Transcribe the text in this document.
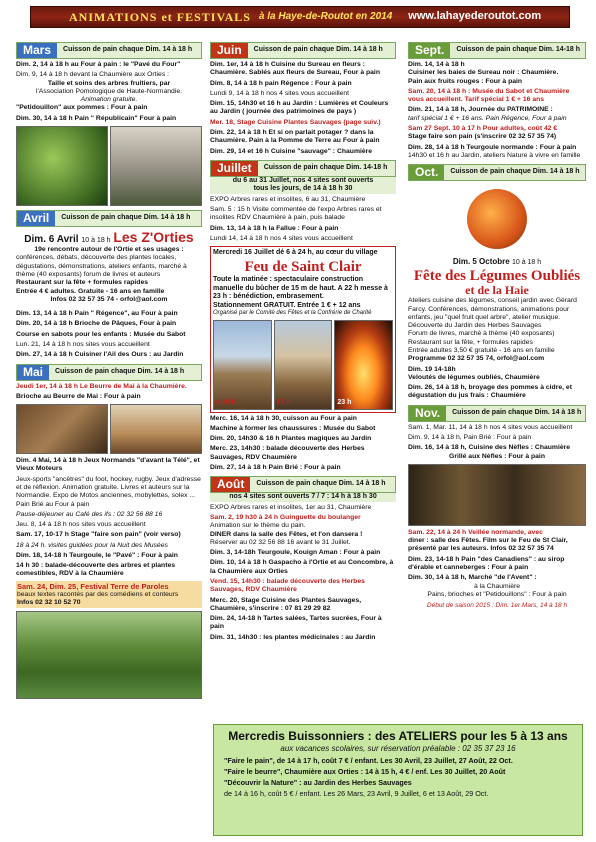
ANIMATIONS et FESTIVALS à la Haye-de-Routot en 2014 www.lahayederoutot.com
Mars	Cuisson de pain chaque Dim. 14 à 18 h
Dim. 2, 14 à 18 h au Four à pain : le "Pavé du Four"
Dim. 9, 14 à 18 h devant la Chaumière aux Orties :
Taille et soins des arbres fruitiers, par
l'Association Pomologique de Haute-Normandie.
Animation gratuite.
"Petidouillon" aux pommes : Four à pain
Dim. 30, 14 à 18 h Pain " Républicain" Four à pain
Avril	Cuisson de pain chaque Dim. 14 à 18 h
Dim. 6 Avril 10 à 18 h Les Z'Orties
19e rencontre autour de l'Ortie et ses usages :
conférences, débats, découverte des plantes locales, dégustations, démonstrations, ateliers enfants, marché à thème (40 exposants) forum de livres et auteurs
Restaurant sur la fête + formules rapides
Entrée 4 € adultes. Gratuite - 16 ans en famille
Infos 02 32 57 35 74 - orfol@aol.com
Dim. 13, 14 à 18 h Pain " Régence", au Four à pain
Dim. 20, 14 à 18 h Brioche de Pâques, Four à pain
Course en sabots pour les enfants : Musée du Sabot
Lun. 21, 14 à 18 h nos sites vous accueillent
Dim. 27, 14 à 18 h Cuisiner l'Ail des Ours : au Jardin
Mai	Cuisson de pain chaque Dim. 14 à 18 h
Jeudi 1er, 14 à 18 h Le Beurre de Mai à la Chaumière.
Brioche au Beurre de Mai : Four à pain
Dim. 4 Mai, 14 à 18 h Jeux Normands "d'avant la Télé", et Vieux Moteurs
Jeux-sports "ancêtres" du foot, hockey, rugby. Jeux d'adresse et de réflexion. Animation gratuite. Livres et auteurs sur la Normandie. Expo de Motos anciennes, mobylettes, solex ... Pain Brié au Four à pain
Pause-déjeuner au Café des ifs : 02 32 56 88 16
Jeu. 8, 14 à 18 h nos sites vous accueillent
Sam. 17, 10-17 h Stage "faire son pain" (voir verso)
18 à 24 h. visites guidées pour la Nuit des Musées
Dim. 18, 14-18 h Teurgoule, le "Pavé" : Four à pain
14 h 30 : balade-découverte des arbres et plantes comestibles, RDV à la Chaumière
Sam. 24, Dim. 25, Festival Terre de Paroles
beaux textes racontés par des comédiens et conteurs
Infos 02 32 10 52 70
Juin	Cuisson de pain chaque Dim. 14 à 18 h
Dim. 1er, 14 à 18 h Cuisine du Sureau en fleurs : Chaumière. Sablés aux fleurs de Sureau, Four à pain
Dim. 8, 14 à 18 h pain Régence : Four à pain
Lundi 9, 14 à 18 h nos 4 sites vous accueillent
Dim. 15, 14h30 et 16 h au Jardin : Lumières et Couleurs au Jardin ( journée des patrimoines de pays )
Mer. 18, Stage Cuisine Plantes Sauvages (page suiv.)
Dim. 22, 14 à 18 h Et si on parlait potager ? dans la Chaumière. Pain à la Pomme de Terre au Four à pain
Dim. 29, 14 et 16 h Cuisine "sauvage" : Chaumière
Juillet	Cuisson de pain chaque Dim. 14-18 h
du 6 au 31 Juillet, nos 4 sites sont ouverts
tous les jours, de 14 à 18 h 30
EXPO Arbres rares et insolites, 6 au 31, Chaumière
Sam. 5 : 15 h Visite commentée de l'expo Arbres rares et insolites RDV Chaumière à pain, puis balade
Dim. 13, 14 à 18 h la Fallue : Four à pain
Lundi 14, 14 à 18 h nos 4 sites vous accueillent
Mercredi 16 Juillet dé 6 à 24 h, au cœur du village
Feu de Saint Clair
Toute la matinée : spectaculaire construction manuelle du bûcher de 15 m de haut. A 22 h messe à 23 h : bénédiction, embrasement.
Stationnement GRATUIT. Entrée 1 € + 12 ans
Organisé par le Comité des Fêtes et la Confrérie de Charité
à 10 h	13 h	23 h
Merc. 16, 14 à 18 h 30, cuisson au Four à pain
Machine à former les chaussures : Musée du Sabot
Dim. 20, 14h30 & 16 h Plantes magiques au Jardin
Merc. 23, 14h30 : balade découverte des Herbes Sauvages, RDV Chaumière
Dim. 27, 14 à 18 h Pain Brié : Four à pain
Août	Cuisson de pain chaque Dim. 14 à 18 h
nos 4 sites sont ouverts 7 / 7 : 14 h à 18 h 30
EXPO Arbres rares et insolites, 1er au 31, Chaumière
Sam. 2, 19 h30 à 24 h Guinguette du boulanger
Animation sur le thème du pain.
DINER dans la salle des Fêtes, et l'on dansera !
Réserver au 02 32 56 88 16 avant le 31 Juillet.
Dim. 3, 14-18h Teurgoule, Kouign Aman : Four à pain
Dim. 10, 14 à 18 h Gaspacho à l'Ortie et au Concombre, à la Chaumière aux Orties
Vend. 15, 14h30 : balade découverte des Herbes Sauvages, RDV Chaumière
Merc. 20, Stage Cuisine des Plantes Sauvages, Chaumière, s'inscrire : 07 81 29 29 82
Dim. 24, 14-18 h Tartes salées, Tartes sucrées, Four à pain
Dim. 31, 14h30 : les plantes médicinales : au Jardin
Sept.	Cuisson de pain chaque Dim. 14-18 h
Dim. 14, 14 à 18 h
Cuisiner les baies de Sureau noir : Chaumière.
Pain aux fruits rouges : Four à pain
Sam. 20, 14 à 18 h : Musée du Sabot et Chaumière vous accueillent. Tarif spécial 1 € + 16 ans
Dim. 21, 14 à 18 h, Journée du PATRIMOINE :
tarif spécial 1 € + 16 ans. Pain Régence, Four à pain
Sam 27 Sept. 10 à 17 h Pour adultes, coût 42 €
Stage faire son pain (s'inscrire 02 32 57 35 74)
Dim. 28, 14 à 18 h Teurgoule normande : Four à pain
14h30 et 16 h au Jardin, ateliers Nature à vivre en famille
Oct.	Cuisson de pain chaque Dim. 14 à 18 h
Dim. 5 Octobre 10 à 18 h
Fête des Légumes Oubliés
et de la Haie
Ateliers cuisine des légumes, conseil jardin avec Gérard Farcy. Conférences, démonstrations, animations pour enfants, jeu "quel fruit quel arbre", atelier musique.
Découverte du Jardin des Herbes Sauvages
Forum de livres, marché à thème (40 exposants)
Restaurant sur la fête, + formules rapides
Entrée adultes 3,50 € gratuité - 16 ans en famille
Programme 02 32 57 35 74, orfol@aol.com
Dim. 19 14-18h
Veloutés de légumes oubliés, Chaumière
Dim. 26, 14 à 18 h, broyage des pommes à cidre, et dégustation du jus frais : Chaumière
Nov.	Cuisson de pain chaque Dim. 14 à 18 h
Sam. 1, Mar. 11, 14 à 18 h nos 4 sites vous accueillent
Dim. 9, 14 à 18 h, Pain Brié : Four à pain
Dim. 16, 14 à 18 h, Cuisine des Nèfles : Chaumière
Grillé aux Nèfles : Four à pain
Sam. 22, 14 à 24 h Veillée normande, avec
diner : salle des Fêtes. Film sur le Feu de St Clair, présenté par les auteurs. Infos 02 32 57 35 74
Dim. 23, 14-18 h Pain "des Canadiens" : au sirop d'érable et canneberges : Four à pain
Dim. 30, 14 à 18 h, Marché "de l'Avent" :
à la Chaumière
Pains, brioches et "Petidouillons" : Four à pain
Début de saison 2015 : Dim. 1er Mars, 14 à 18 h
Mercredis Buissonniers : des ATELIERS pour les 5 à 13 ans
aux vacances scolaires, sur réservation préalable : 02 35 37 23 16

"Faire le pain", de 14 à 17 h, coût 7 € / enfant. Les 30 Avril, 23 Juillet, 27 Août, 22 Oct.

"Faire le beurre", Chaumière aux Orties : 14 à 15 h, 4 € / enf. Les 30 Juillet, 20 Août

"Découvrir la Nature" : au Jardin des Herbes Sauvages

de 14 à 16 h, coût 5 € / enfant. Les 26 Mars, 23 Avril, 9 Juillet, 6 et 13 Août, 29 Oct.
